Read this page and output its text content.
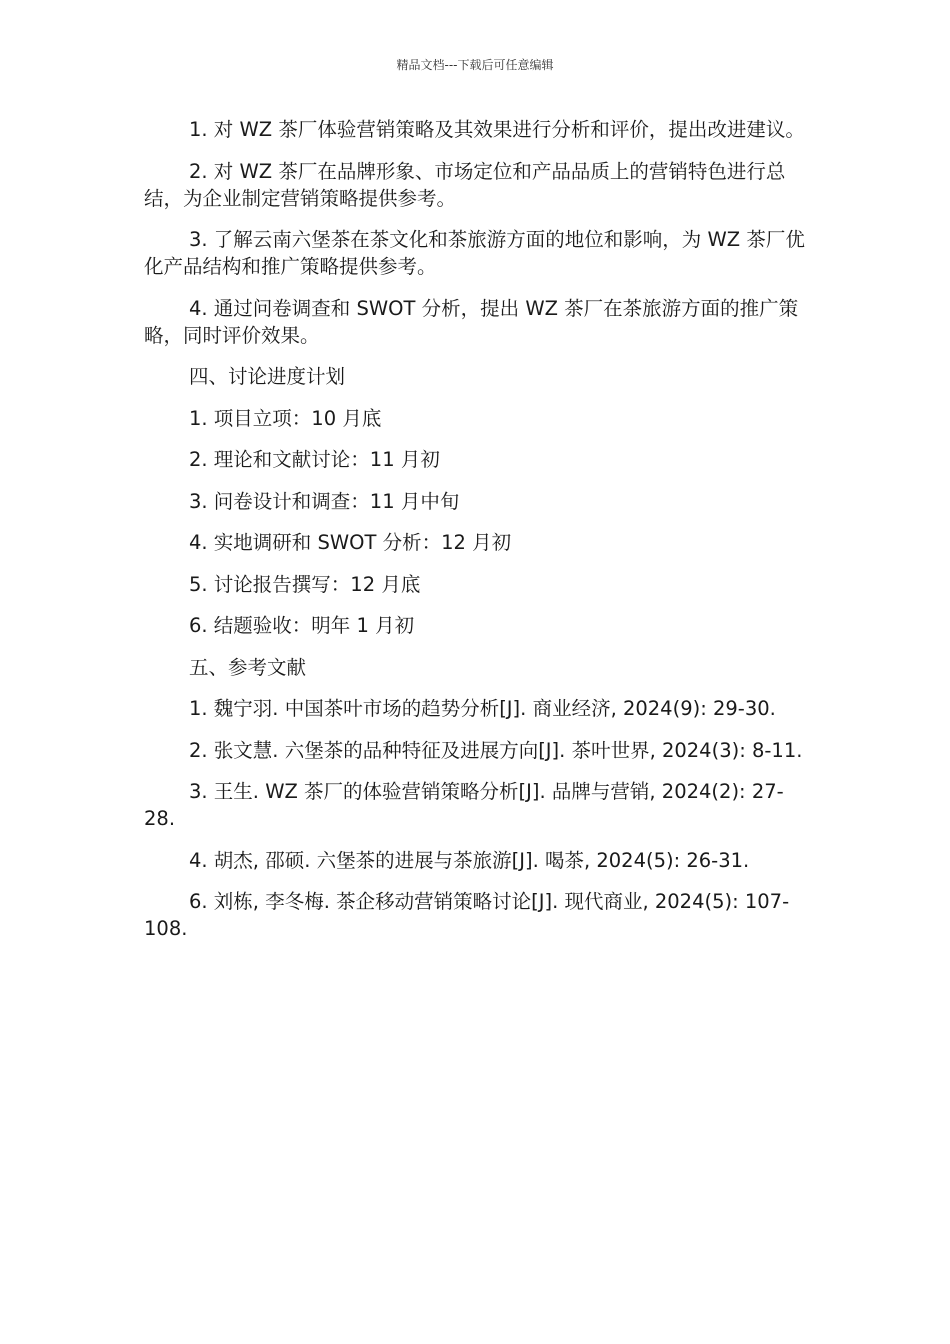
精品文档---下载后可任意编辑

1. 对 WZ 茶厂体验营销策略及其效果进行分析和评价，提出改进建议。

2. 对 WZ 茶厂在品牌形象、市场定位和产品品质上的营销特色进行总结，为企业制定营销策略提供参考。

3. 了解云南六堡茶在茶文化和茶旅游方面的地位和影响，为 WZ 茶厂优化产品结构和推广策略提供参考。

4. 通过问卷调查和 SWOT 分析，提出 WZ 茶厂在茶旅游方面的推广策略，同时评价效果。

四、讨论进度计划

1. 项目立项：10 月底

2. 理论和文献讨论：11 月初

3. 问卷设计和调查：11 月中旬

4. 实地调研和 SWOT 分析：12 月初

5. 讨论报告撰写：12 月底

6. 结题验收：明年 1 月初

五、参考文献

1. 魏宁羽. 中国茶叶市场的趋势分析[J]. 商业经济, 2024(9): 29-30.

2. 张文慧. 六堡茶的品种特征及进展方向[J]. 茶叶世界, 2024(3): 8-11.

3. 王生. WZ 茶厂的体验营销策略分析[J]. 品牌与营销, 2024(2): 27-28.

4. 胡杰, 邵硕. 六堡茶的进展与茶旅游[J]. 喝茶, 2024(5): 26-31.

6. 刘栋, 李冬梅. 茶企移动营销策略讨论[J]. 现代商业, 2024(5): 107-108.
